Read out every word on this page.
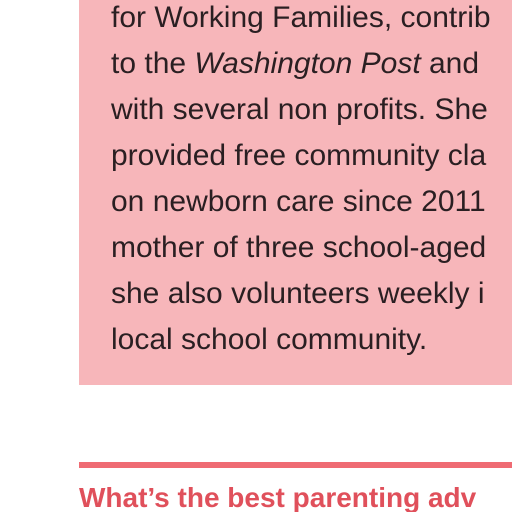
for Working Families, contrib
to the Washington Post and
with several non profits. She
provided free community cla
on newborn care since 2011
mother of three school-aged
she also volunteers weekly i
local school community.
What’s the best parenting adv
